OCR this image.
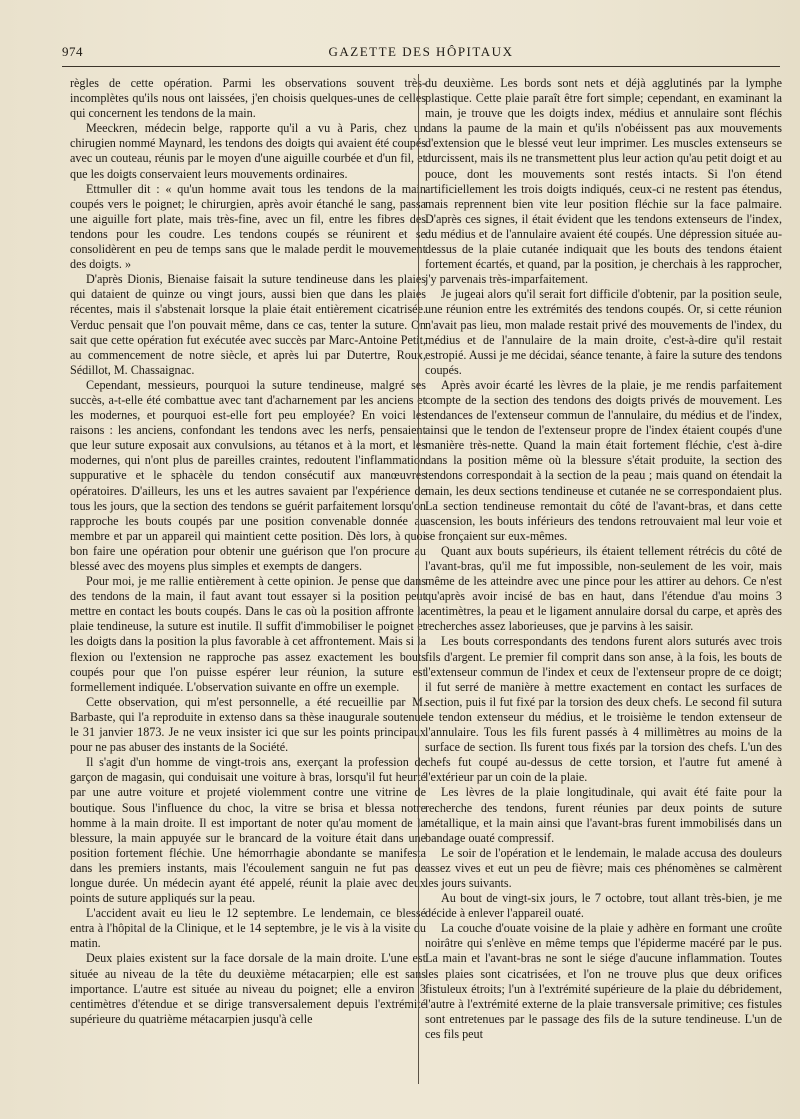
974	GAZETTE DES HÔPITAUX

règles de cette opération. Parmi les observations souvent très-incomplètes qu'ils nous ont laissées, j'en choisis quelques-unes de celles qui concernent les tendons de la main.

Meeckren, médecin belge, rapporte qu'il a vu à Paris, chez un chirugien nommé Maynard, les tendons des doigts qui avaient été coupés avec un couteau, réunis par le moyen d'une aiguille courbée et d'un fil, et que les doigts conservaient leurs mouvements ordinaires.

Ettmuller dit : « qu'un homme avait tous les tendons de la main coupés vers le poignet; le chirurgien, après avoir étanché le sang, passa une aiguille fort plate, mais très-fine, avec un fil, entre les fibres des tendons pour les coudre. Les tendons coupés se réunirent et se consolidèrent en peu de temps sans que le malade perdit le mouvement des doigts. »

D'après Dionis, Bienaise faisait la suture tendineuse dans les plaies qui dataient de quinze ou vingt jours, aussi bien que dans les plaies récentes, mais il s'abstenait lorsque la plaie était entièrement cicatrisée. Verduc pensait que l'on pouvait même, dans ce cas, tenter la suture. On sait que cette opération fut exécutée avec succès par Marc-Antoine Petit, au commencement de notre siècle, et après lui par Dutertre, Roux, Sédillot, M. Chassaignac.

Cependant, messieurs, pourquoi la suture tendineuse, malgré ses succès, a-t-elle été combattue avec tant d'acharnement par les anciens et les modernes, et pourquoi est-elle fort peu employée? En voici les raisons : les anciens, confondant les tendons avec les nerfs, pensaient que leur suture exposait aux convulsions, au tétanos et à la mort, et les modernes, qui n'ont plus de pareilles craintes, redoutent l'inflammation suppurative et le sphacèle du tendon consécutif aux manœuvres opératoires. D'ailleurs, les uns et les autres savaient par l'expérience de tous les jours, que la section des tendons se guérit parfaitement lorsqu'on rapproche les bouts coupés par une position convenable donnée au membre et par un appareil qui maintient cette position. Dès lors, à quoi bon faire une opération pour obtenir une guérison que l'on procure au blessé avec des moyens plus simples et exempts de dangers.

Pour moi, je me rallie entièrement à cette opinion. Je pense que dans des tendons de la main, il faut avant tout essayer si la position peut mettre en contact les bouts coupés. Dans le cas où la position affronte la plaie tendineuse, la suture est inutile. Il suffit d'immobiliser le poignet et les doigts dans la position la plus favorable à cet affrontement. Mais si la flexion ou l'extension ne rapproche pas assez exactement les bouts coupés pour que l'on puisse espérer leur réunion, la suture est formellement indiquée. L'observation suivante en offre un exemple.

Cette observation, qui m'est personnelle, a été recueillie par M. Barbaste, qui l'a reproduite in extenso dans sa thèse inaugurale soutenue le 31 janvier 1873. Je ne veux insister ici que sur les points principaux pour ne pas abuser des instants de la Société.

Il s'agit d'un homme de vingt-trois ans, exerçant la profession de garçon de magasin, qui conduisait une voiture à bras, lorsqu'il fut heurté par une autre voiture et projeté violemment contre une vitrine de boutique. Sous l'influence du choc, la vitre se brisa et blessa notre homme à la main droite. Il est important de noter qu'au moment de la blessure, la main appuyée sur le brancard de la voiture était dans une position fortement fléchie. Une hémorrhagie abondante se manifesta dans les premiers instants, mais l'écoulement sanguin ne fut pas de longue durée. Un médecin ayant été appelé, réunit la plaie avec deux points de suture appliqués sur la peau.

L'accident avait eu lieu le 12 septembre. Le lendemain, ce blessé entra à l'hôpital de la Clinique, et le 14 septembre, je le vis à la visite du matin.

Deux plaies existent sur la face dorsale de la main droite. L'une est située au niveau de la tête du deuxième métacarpien; elle est sans importance. L'autre est située au niveau du poignet; elle a environ 3 centimètres d'étendue et se dirige transversalement depuis l'extrémité supérieure du quatrième métacarpien jusqu'à celle

du deuxième. Les bords sont nets et déjà agglutinés par la lymphe plastique. Cette plaie paraît être fort simple; cependant, en examinant la main, je trouve que les doigts index, médius et annulaire sont fléchis dans la paume de la main et qu'ils n'obéissent pas aux mouvements d'extension que le blessé veut leur imprimer. Les muscles extenseurs se durcissent, mais ils ne transmettent plus leur action qu'au petit doigt et au pouce, dont les mouvements sont restés intacts. Si l'on étend artificiellement les trois doigts indiqués, ceux-ci ne restent pas étendus, mais reprennent bien vite leur position fléchie sur la face palmaire. D'après ces signes, il était évident que les tendons extenseurs de l'index, du médius et de l'annulaire avaient été coupés. Une dépression située au-dessus de la plaie cutanée indiquait que les bouts des tendons étaient fortement écartés, et quand, par la position, je cherchais à les rapprocher, j'y parvenais très-imparfaitement.

Je jugeai alors qu'il serait fort difficile d'obtenir, par la position seule, une réunion entre les extrémités des tendons coupés. Or, si cette réunion n'avait pas lieu, mon malade restait privé des mouvements de l'index, du médius et de l'annulaire de la main droite, c'est-à-dire qu'il restait estropié. Aussi je me décidai, séance tenante, à faire la suture des tendons coupés.

Après avoir écarté les lèvres de la plaie, je me rendis parfaitement compte de la section des tendons des doigts privés de mouvement. Les tendances de l'extenseur commun de l'annulaire, du médius et de l'index, ainsi que le tendon de l'extenseur propre de l'index étaient coupés d'une manière très-nette. Quand la main était fortement fléchie, c'est à-dire dans la position même où la blessure s'était produite, la section des tendons correspondait à la section de la peau ; mais quand on étendait la main, les deux sections tendineuse et cutanée ne se correspondaient plus. La section tendineuse remontait du côté de l'avant-bras, et dans cette ascension, les bouts inférieurs des tendons retrouvaient mal leur voie et se fronçaient sur eux-mêmes.

Quant aux bouts supérieurs, ils étaient tellement rétrécis du côté de l'avant-bras, qu'il me fut impossible, non-seulement de les voir, mais même de les atteindre avec une pince pour les attirer au dehors. Ce n'est qu'après avoir incisé de bas en haut, dans l'étendue d'au moins 3 centimètres, la peau et le ligament annulaire dorsal du carpe, et après des recherches assez laborieuses, que je parvins à les saisir.

Les bouts correspondants des tendons furent alors suturés avec trois fils d'argent. Le premier fil comprit dans son anse, à la fois, les bouts de l'extenseur commun de l'index et ceux de l'extenseur propre de ce doigt; il fut serré de manière à mettre exactement en contact les surfaces de section, puis il fut fixé par la torsion des deux chefs. Le second fil sutura le tendon extenseur du médius, et le troisième le tendon extenseur de l'annulaire. Tous les fils furent passés à 4 millimètres au moins de la surface de section. Ils furent tous fixés par la torsion des chefs. L'un des chefs fut coupé au-dessus de cette torsion, et l'autre fut amené à l'extérieur par un coin de la plaie.

Les lèvres de la plaie longitudinale, qui avait été faite pour la recherche des tendons, furent réunies par deux points de suture métallique, et la main ainsi que l'avant-bras furent immobilisés dans un bandage ouaté compressif.

Le soir de l'opération et le lendemain, le malade accusa des douleurs assez vives et eut un peu de fièvre; mais ces phénomènes se calmèrent les jours suivants.

Au bout de vingt-six jours, le 7 octobre, tout allant très-bien, je me décide à enlever l'appareil ouaté.

La couche d'ouate voisine de la plaie y adhère en formant une croûte noirâtre qui s'enlève en même temps que l'épiderme macéré par le pus. La main et l'avant-bras ne sont le siége d'aucune inflammation. Toutes les plaies sont cicatrisées, et l'on ne trouve plus que deux orifices fistuleux étroits; l'un à l'extrémité supérieure de la plaie du débridement, l'autre à l'extrémité externe de la plaie transversale primitive; ces fistules sont entretenues par le passage des fils de la suture tendineuse. L'un de ces fils peut
